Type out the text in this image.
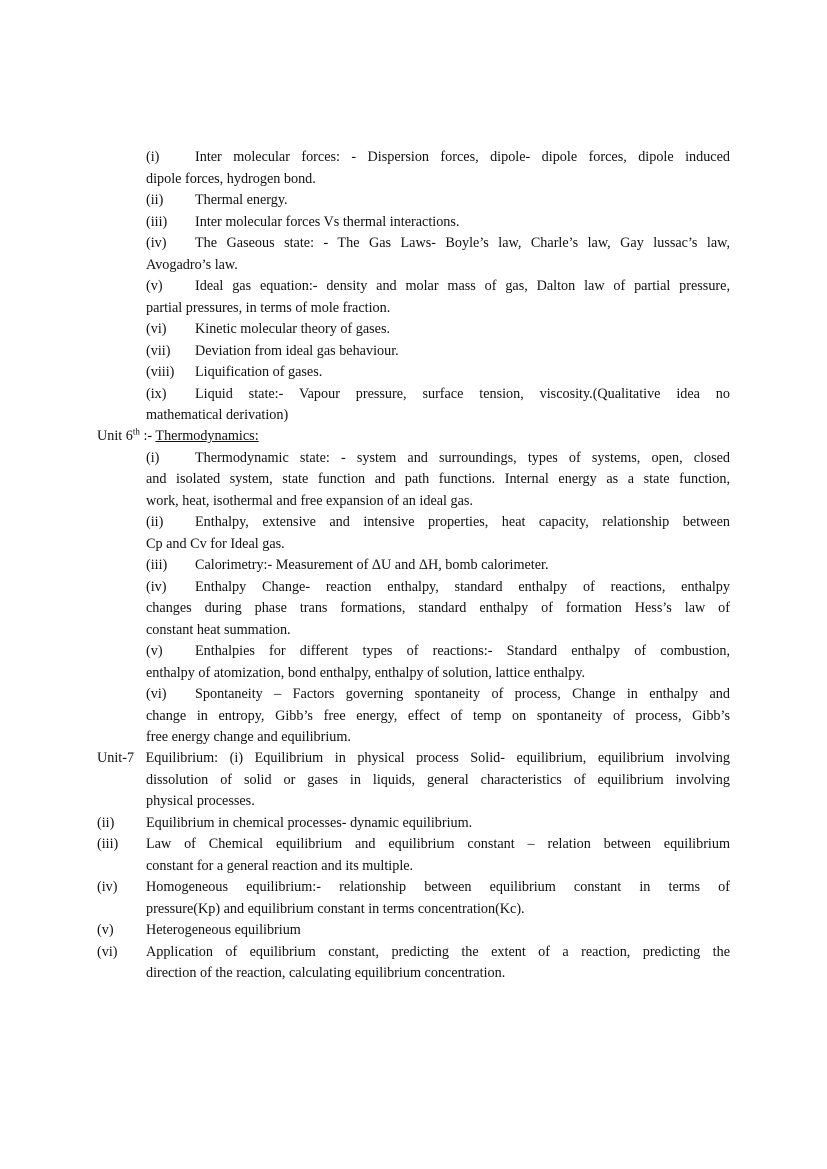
Inter molecular forces: - Dispersion forces, dipole- dipole forces, dipole induced
(i)
dipole forces, hydrogen bond.
Thermal energy.
(ii)
Inter molecular forces Vs thermal interactions.
(iii)
The Gaseous state: - The Gas Laws- Boyle’s law, Charle’s law, Gay lussac’s law,
(iv)
Avogadro’s law.
Ideal gas equation:- density and molar mass of gas, Dalton law of partial pressure,
(v)
partial pressures, in terms of mole fraction.
Kinetic molecular theory of gases.
(vi)
Deviation from ideal gas behaviour.
(vii)
Liquification of gases.
(viii)
Liquid state:- Vapour pressure, surface tension, viscosity.(Qualitative idea no
(ix)
mathematical derivation)
Unit 6th :- Thermodynamics:
Thermodynamic state: - system and surroundings, types of systems, open, closed
(i)
and isolated system, state function and path functions. Internal energy as a state function,
work, heat, isothermal and free expansion of an ideal gas.
Enthalpy, extensive and intensive properties, heat capacity, relationship between
(ii)
Cp and Cv for Ideal gas.
Calorimetry:- Measurement of ΔU and ΔH, bomb calorimeter.
(iii)
Enthalpy Change- reaction enthalpy, standard enthalpy of reactions, enthalpy
(iv)
changes during phase trans formations, standard enthalpy of formation Hess’s law of
constant heat summation.
Enthalpies for different types of reactions:- Standard enthalpy of combustion,
(v)
enthalpy of atomization, bond enthalpy, enthalpy of solution, lattice enthalpy.
Spontaneity – Factors governing spontaneity of process, Change in enthalpy and
(vi)
change in entropy, Gibb’s free energy, effect of temp on spontaneity of process, Gibb’s
free energy change and equilibrium.
Unit-7 Equilibrium: (i) Equilibrium in physical process Solid- equilibrium, equilibrium involving
dissolution of solid or gases in liquids, general characteristics of equilibrium involving
physical processes.
Equilibrium in chemical processes- dynamic equilibrium.
(ii)
Law of Chemical equilibrium and equilibrium constant – relation between equilibrium
(iii)
constant for a general reaction and its multiple.
Homogeneous equilibrium:- relationship between equilibrium constant in terms of
(iv)
pressure(Kp) and equilibrium constant in terms concentration(Kc).
Heterogeneous equilibrium
(v)
Application of equilibrium constant, predicting the extent of a reaction, predicting the
(vi)
direction of the reaction, calculating equilibrium concentration.
